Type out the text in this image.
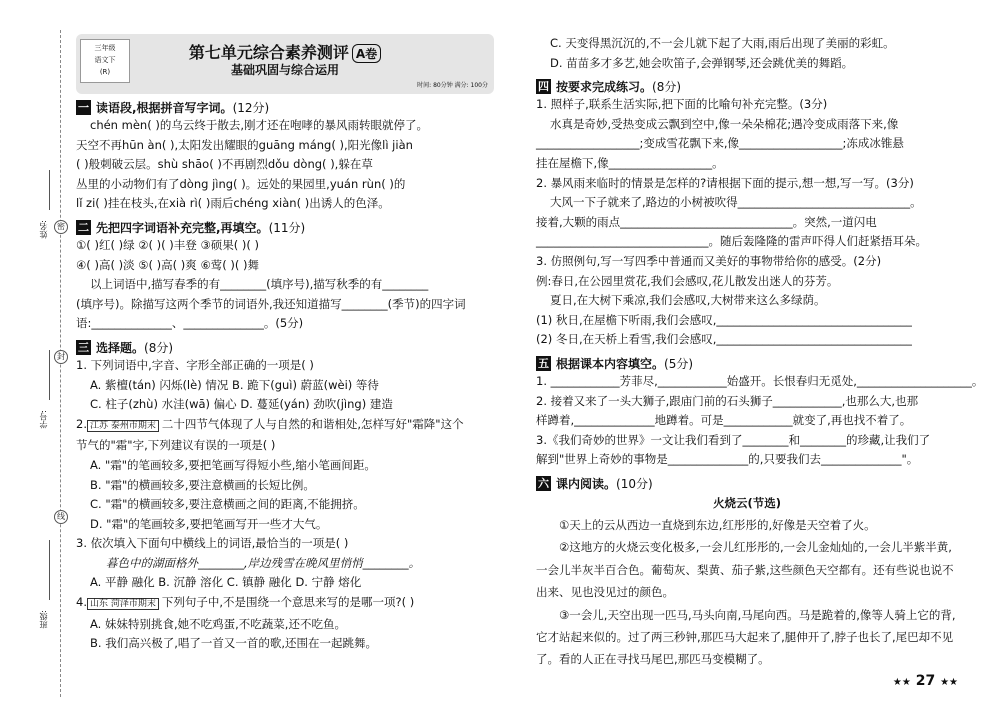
姓名:	密
封
学号:
线
班级:
三年级
语文下
(R)
第七单元综合素养测评 A卷
基础巩固与综合运用
时间: 80分钟 满分: 100分
一 读语段,根据拼音写字词。 (12分)
chén mèn( )的乌云终于散去,刚才还在咆哮的暴风雨转眼就停了。
天空不再hūn àn( ),太阳发出耀眼的guāng máng( ),阳光像lì jiàn
( )般刺破云层。shù shāo( )不再剧烈dǒu dòng( ),躲在草
丛里的小动物们有了dòng jìng( )。远处的果园里,yuán rùn( )的
lǐ zi( )挂在枝头,在xià rì( )雨后chéng xiàn( )出诱人的色泽。
二 先把四字词语补充完整,再填空。 (11分)
①( )红( )绿 ②( )( )丰登 ③硕果( )( )
④( )高( )淡 ⑤( )高( )爽 ⑥莺( )( )舞
以上词语中,描写春季的有________(填序号),描写秋季的有________
(填序号)。除描写这两个季节的词语外,我还知道描写________(季节)的四字词
语:______________、______________。(5分)
三 选择题。 (8分)
1. 下列词语中,字音、字形全部正确的一项是( )
A. 紫檀(tán) 闪烁(lè) 情况 B. 跪下(guì) 蔚蓝(wèi) 等待
C. 柱子(zhù) 水洼(wā) 偏心 D. 蔓延(yán) 劲吹(jìng) 建造
2. 江苏 泰州市期末 二十四节气体现了人与自然的和谐相处,怎样写好"霜降"这个
节气的"霜"字,下列建议有误的一项是( )
A. "霜"的笔画较多,要把笔画写得短小些,缩小笔画间距。
B. "霜"的横画较多,要注意横画的长短比例。
C. "霜"的横画较多,要注意横画之间的距离,不能拥挤。
D. "霜"的笔画较多,要把笔画写开一些才大气。
3. 依次填入下面句中横线上的词语,最恰当的一项是( )
暮色中的湖面格外________,岸边残雪在晚风里悄悄________。
A. 平静 融化 B. 沉静 溶化 C. 镇静 融化 D. 宁静 熔化
4. 山东 菏泽市期末 下列句子中,不是围绕一个意思来写的是哪一项?( )
A. 妹妹特别挑食,她不吃鸡蛋,不吃蔬菜,还不吃鱼。
B. 我们高兴极了,唱了一首又一首的歌,还围在一起跳舞。
C. 天变得黑沉沉的,不一会儿就下起了大雨,雨后出现了美丽的彩虹。
D. 苗苗多才多艺,她会吹笛子,会弹钢琴,还会跳优美的舞蹈。
四 按要求完成练习。 (8分)
1. 照样子,联系生活实际,把下面的比喻句补充完整。(3分)
水真是奇妙,受热变成云飘到空中,像一朵朵棉花;遇冷变成雨落下来,像
__________________;变成雪花飘下来,像__________________;冻成冰锥悬
挂在屋檐下,像__________________。
2. 暴风雨来临时的情景是怎样的?请根据下面的提示,想一想,写一写。(3分)
大风一下子就来了,路边的小树被吹得______________________________。
接着,大颗的雨点______________________________。突然,一道闪电
______________________________。随后轰隆隆的雷声吓得人们赶紧捂耳朵。
3. 仿照例句,写一写四季中普通而又美好的事物带给你的感受。(2分)
例:春日,在公园里赏花,我们会感叹,花儿散发出迷人的芬芳。
夏日,在大树下乘凉,我们会感叹,大树带来这么多绿荫。
(1) 秋日,在屋檐下听雨,我们会感叹,__________________________________
(2) 冬日,在天桥上看雪,我们会感叹,__________________________________
五 根据课本内容填空。 (5分)
1. ____________芳菲尽,____________始盛开。长恨春归无觅处,____________________。
2. 接着又来了一头大狮子,跟庙门前的石头狮子____________,也那么大,也那
样蹲着,______________地蹲着。可是____________就变了,再也找不着了。
3.《我们奇妙的世界》一文让我们看到了________和________的珍藏,让我们了
解到"世界上奇妙的事物是______________的,只要我们去______________"。
六 课内阅读。 (10分)
火烧云(节选)
①天上的云从西边一直烧到东边,红彤彤的,好像是天空着了火。
②这地方的火烧云变化极多,一会儿红彤彤的,一会儿金灿灿的,一会儿半紫半黄,一会儿半灰半百合色。葡萄灰、梨黄、茄子紫,这些颜色天空都有。还有些说也说不出来、见也没见过的颜色。
③一会儿,天空出现一匹马,马头向南,马尾向西。马是跪着的,像等人骑上它的背,它才站起来似的。过了两三秒钟,那匹马大起来了,腿伸开了,脖子也长了,尾巴却不见了。看的人正在寻找马尾巴,那匹马变模糊了。
★★ 27 ★★
